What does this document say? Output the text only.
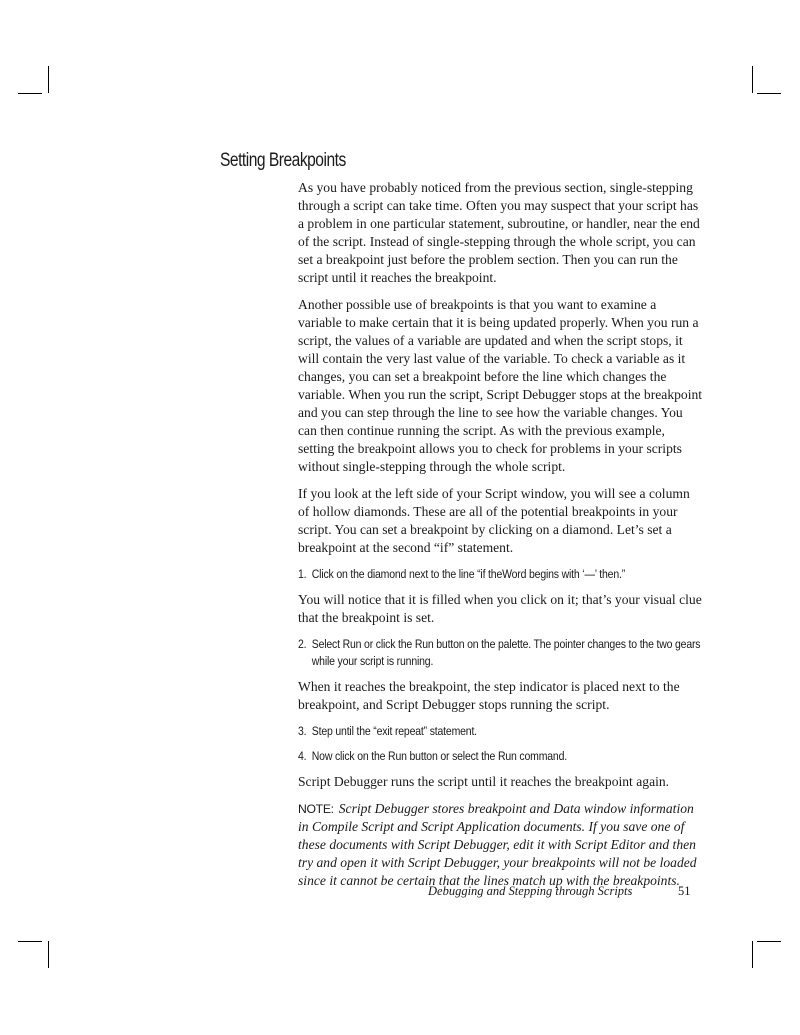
Setting Breakpoints

As you have probably noticed from the previous section, single-stepping through a script can take time. Often you may suspect that your script has a problem in one particular statement, subroutine, or handler, near the end of the script. Instead of single-stepping through the whole script, you can set a breakpoint just before the problem section. Then you can run the script until it reaches the breakpoint.

Another possible use of breakpoints is that you want to examine a variable to make certain that it is being updated properly. When you run a script, the values of a variable are updated and when the script stops, it will contain the very last value of the variable. To check a variable as it changes, you can set a breakpoint before the line which changes the variable. When you run the script, Script Debugger stops at the breakpoint and you can step through the line to see how the variable changes. You can then continue running the script. As with the previous example, setting the breakpoint allows you to check for problems in your scripts without single-stepping through the whole script.

If you look at the left side of your Script window, you will see a column of hollow diamonds. These are all of the potential breakpoints in your script. You can set a breakpoint by clicking on a diamond. Let’s set a breakpoint at the second “if” statement.

1. Click on the diamond next to the line “if theWord begins with ‘—’ then.”

You will notice that it is filled when you click on it; that’s your visual clue that the breakpoint is set.

2. Select Run or click the Run button on the palette. The pointer changes to the two gears while your script is running.

When it reaches the breakpoint, the step indicator is placed next to the breakpoint, and Script Debugger stops running the script.

3. Step until the “exit repeat” statement.

4. Now click on the Run button or select the Run command.

Script Debugger runs the script until it reaches the breakpoint again.

NOTE: Script Debugger stores breakpoint and Data window information in Compile Script and Script Application documents. If you save one of these documents with Script Debugger, edit it with Script Editor and then try and open it with Script Debugger, your breakpoints will not be loaded since it cannot be certain that the lines match up with the breakpoints.

Debugging and Stepping through Scripts	51
